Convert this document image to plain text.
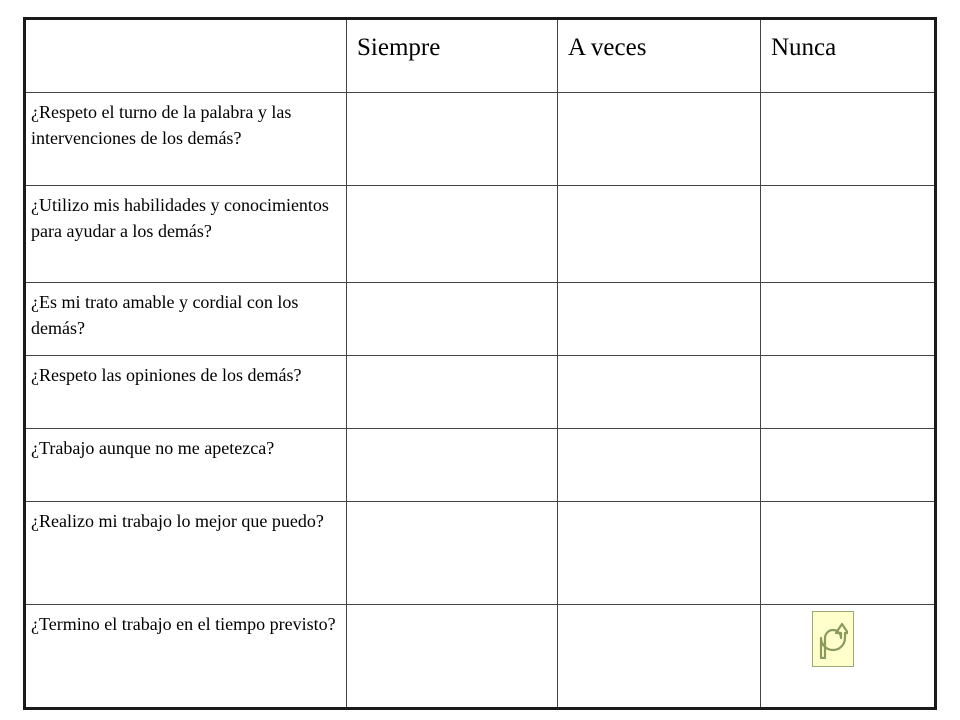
Siempre	A veces	Nunca
¿Respeto el turno de la palabra y las intervenciones de los demás?
¿Utilizo mis habilidades y conocimientos para ayudar a los demás?
¿Es mi trato amable y cordial con los demás?
¿Respeto las opiniones de los demás?
¿Trabajo aunque no me apetezca?
¿Realizo mi trabajo lo mejor que puedo?
¿Termino el trabajo en el tiempo previsto?
